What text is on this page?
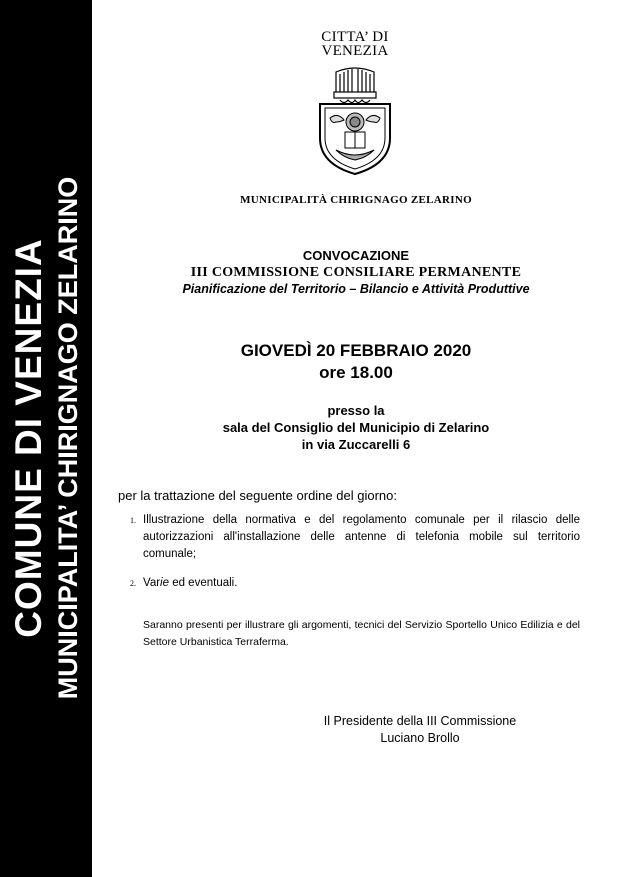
COMUNE DI VENEZIA MUNICIPALITA’ CHIRIGNAGO ZELARINO
CITTA’ DI
VENEZIA
MUNICIPALITÀ CHIRIGNAGO ZELARINO
CONVOCAZIONE
III COMMISSIONE CONSILIARE PERMANENTE
Pianificazione del Territorio – Bilancio e Attività Produttive
GIOVEDÌ 20 FEBBRAIO 2020
ore 18.00
presso la
sala del Consiglio del Municipio di Zelarino
in via Zuccarelli 6
per la trattazione del seguente ordine del giorno:
1. Illustrazione della normativa e del regolamento comunale per il rilascio delle autorizzazioni all'installazione delle antenne di telefonia mobile sul territorio comunale;
2. Varie ed eventuali.
Saranno presenti per illustrare gli argomenti, tecnici del Servizio Sportello Unico Edilizia e del Settore Urbanistica Terraferma.
Il Presidente della III Commissione
Luciano Brollo
